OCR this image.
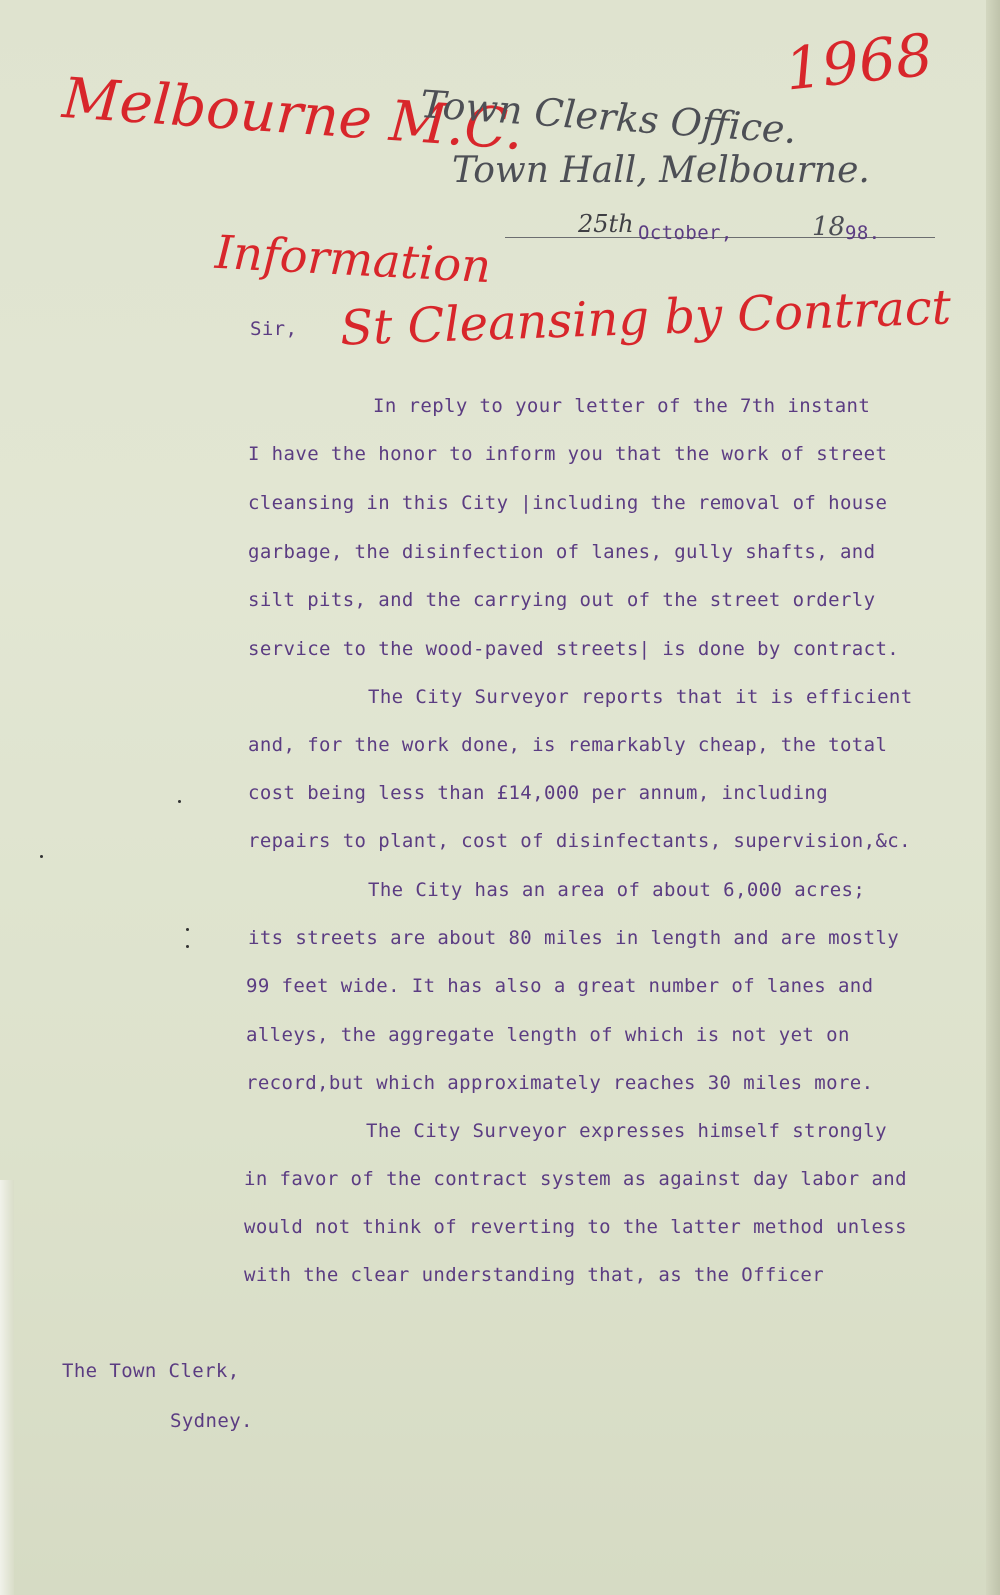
1968
Melbourne M.C.
Information
St Cleansing by Contract
Town Clerks Office.
Town Hall, Melbourne.
25th October,	18 98.
Sir,
In reply to your letter of the 7th instant
I have the honor to inform you that the work of street
cleansing in this City |including the removal of house
garbage, the disinfection of lanes, gully shafts, and
silt pits, and the carrying out of the street orderly
service to the wood-paved streets| is done by contract.
The City Surveyor reports that it is efficient
and, for the work done, is remarkably cheap, the total
cost being less than £14,000 per annum, including
repairs to plant, cost of disinfectants, supervision,&c.
The City has an area of about 6,000 acres;
its streets are about 80 miles in length and are mostly
99 feet wide. It has also a great number of lanes and
alleys, the aggregate length of which is not yet on
record,but which approximately reaches 30 miles more.
The City Surveyor expresses himself strongly
in favor of the contract system as against day labor and
would not think of reverting to the latter method unless
with the clear understanding that, as the Officer
The Town Clerk,
Sydney.
